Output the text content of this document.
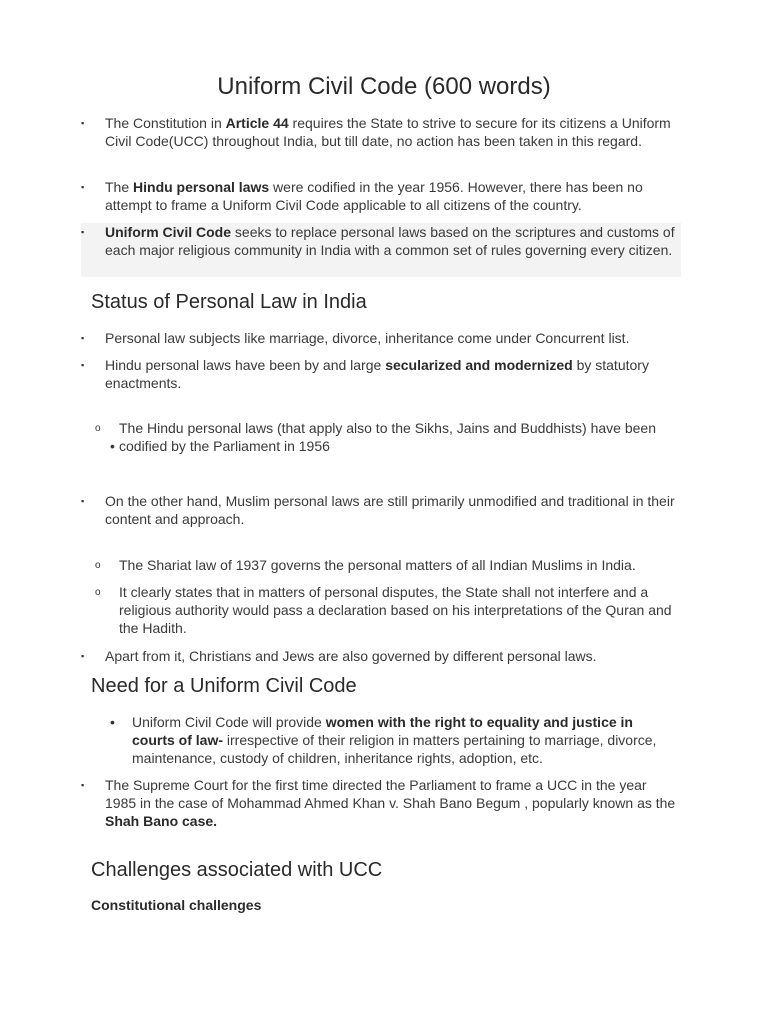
Uniform Civil Code (600 words)
▪	The Constitution in Article 44 requires the State to strive to secure for its citizens a Uniform Civil Code(UCC) throughout India, but till date, no action has been taken in this regard.
▪	The Hindu personal laws were codified in the year 1956. However, there has been no attempt to frame a Uniform Civil Code applicable to all citizens of the country.
▪	Uniform Civil Code seeks to replace personal laws based on the scriptures and customs of each major religious community in India with a common set of rules governing every citizen.
Status of Personal Law in India
▪	Personal law subjects like marriage, divorce, inheritance come under Concurrent list.
▪	Hindu personal laws have been by and large secularized and modernized by statutory enactments.
o	The Hindu personal laws (that apply also to the Sikhs, Jains and Buddhists) have been codified by the Parliament in 1956
•
▪	On the other hand, Muslim personal laws are still primarily unmodified and traditional in their content and approach.
o	The Shariat law of 1937 governs the personal matters of all Indian Muslims in India.
o	It clearly states that in matters of personal disputes, the State shall not interfere and a religious authority would pass a declaration based on his interpretations of the Quran and the Hadith.
▪	Apart from it, Christians and Jews are also governed by different personal laws.
Need for a Uniform Civil Code
•	Uniform Civil Code will provide women with the right to equality and justice in courts of law- irrespective of their religion in matters pertaining to marriage, divorce, maintenance, custody of children, inheritance rights, adoption, etc.
▪	The Supreme Court for the first time directed the Parliament to frame a UCC in the year 1985 in the case of Mohammad Ahmed Khan v. Shah Bano Begum , popularly known as the Shah Bano case.
Challenges associated with UCC
Constitutional challenges
